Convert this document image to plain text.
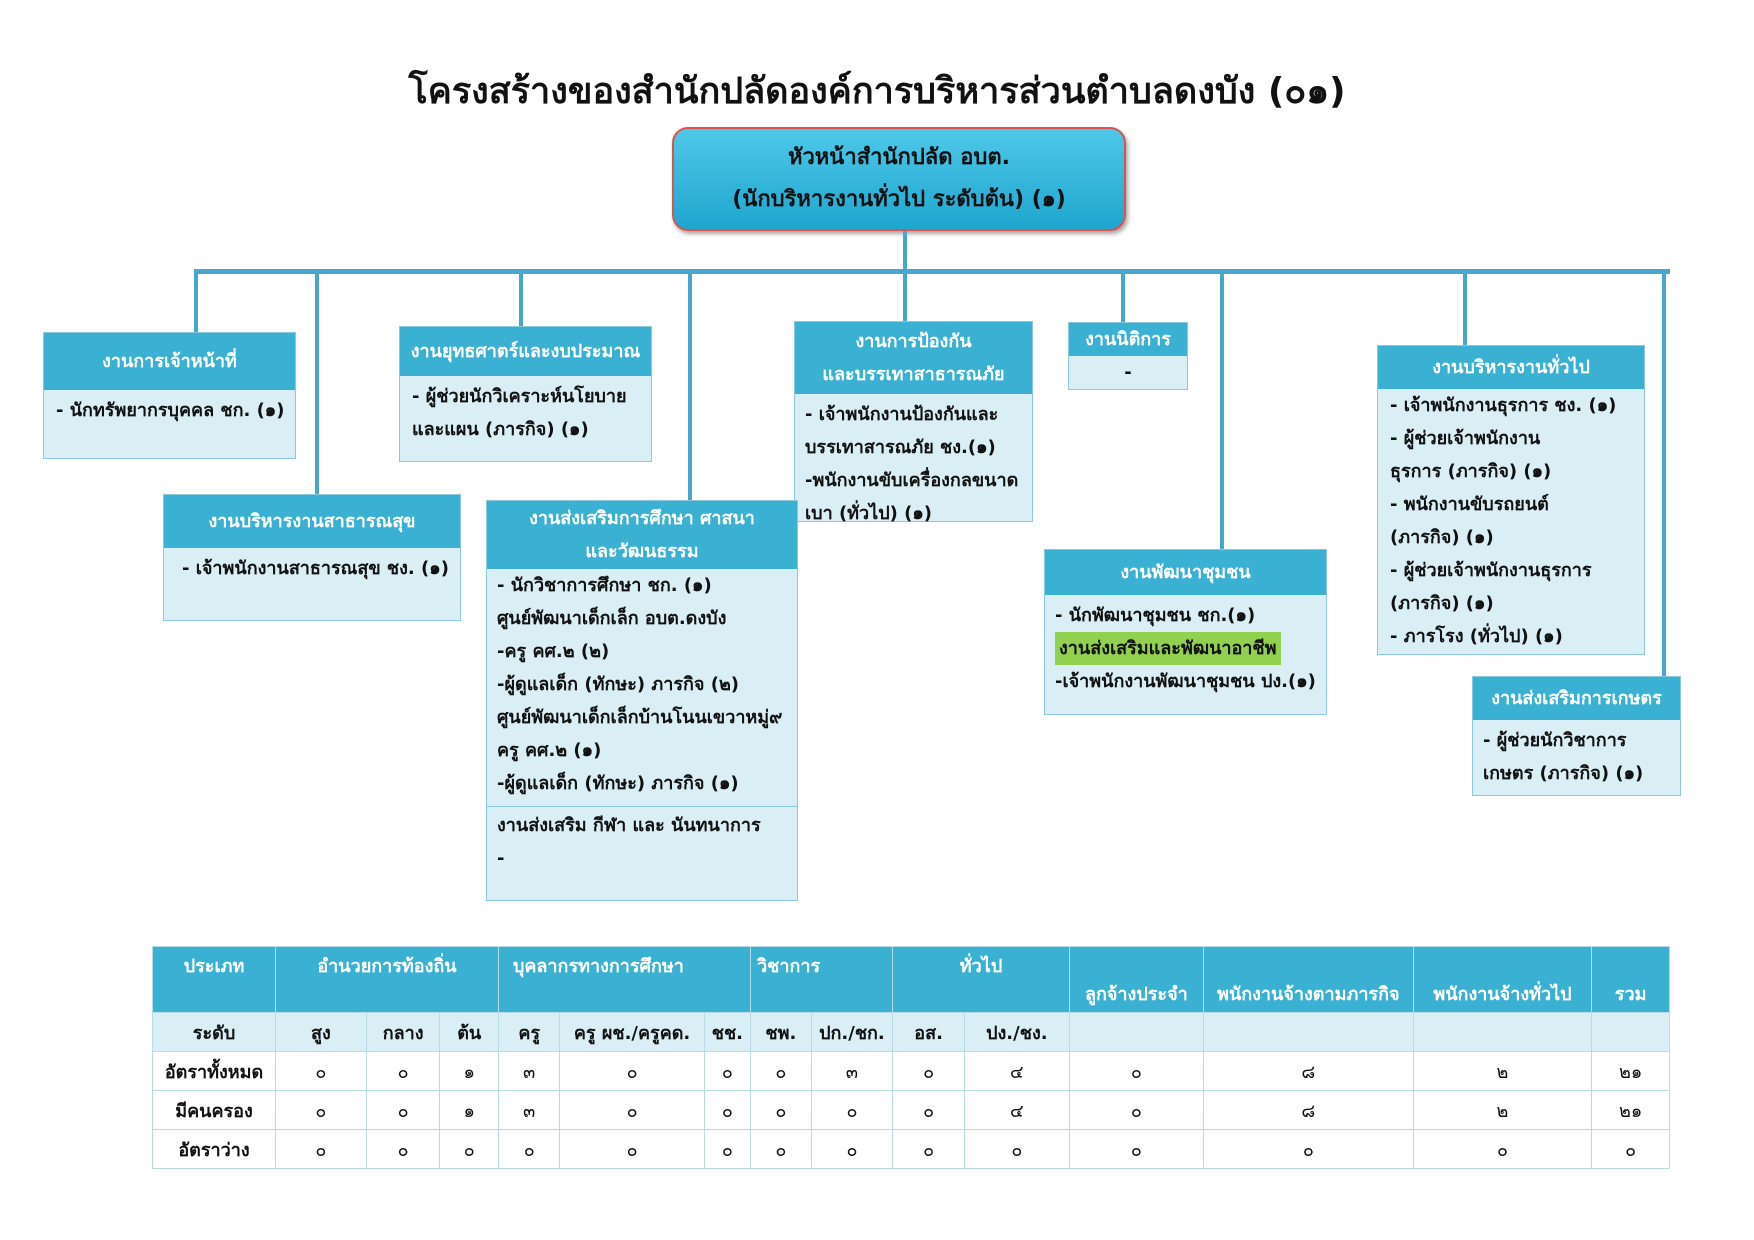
โครงสร้างของสำนักปลัดองค์การบริหารส่วนตำบลดงบัง (๐๑)
หัวหน้าสำนักปลัด อบต.
(นักบริหารงานทั่วไป ระดับต้น) (๑)
งานการเจ้าหน้าที่
- นักทรัพยากรบุคคล ชก. (๑)
งานยุทธศาตร์และงบประมาณ
- ผู้ช่วยนักวิเคราะห์นโยบาย
และแผน (ภารกิจ) (๑)
งานการป้องกัน
และบรรเทาสาธารณภัย
- เจ้าพนักงานป้องกันและ
บรรเทาสารณภัย ชง.(๑)
-พนักงานขับเครื่องกลขนาด
เบา (ทั่วไป) (๑)
งานนิติการ
-	งานบริหารงานทั่วไป
- เจ้าพนักงานธุรการ ชง. (๑)
- ผู้ช่วยเจ้าพนักงาน
ธุรการ (ภารกิจ) (๑)
- พนักงานขับรถยนต์
(ภารกิจ) (๑)
- ผู้ช่วยเจ้าพนักงานธุรการ
(ภารกิจ) (๑)
- ภารโรง (ทั่วไป) (๑)
งานบริหารงานสาธารณสุข
- เจ้าพนักงานสาธารณสุข ชง. (๑)
งานส่งเสริมการศึกษา ศาสนา
และวัฒนธรรม
- นักวิชาการศึกษา ชก. (๑)
ศูนย์พัฒนาเด็กเล็ก อบต.ดงบัง
-ครู คศ.๒ (๒)
-ผู้ดูแลเด็ก (ทักษะ) ภารกิจ (๒)
ศูนย์พัฒนาเด็กเล็กบ้านโนนเขวาหมู่๙
ครู คศ.๒ (๑)
-ผู้ดูแลเด็ก (ทักษะ) ภารกิจ (๑)
งานส่งเสริม กีฬา และ นันทนาการ
-
งานพัฒนาชุมชน
- นักพัฒนาชุมชน ชก.(๑)
งานส่งเสริมและพัฒนาอาชีพ
-เจ้าพนักงานพัฒนาชุมชน ปง.(๑)
งานส่งเสริมการเกษตร
- ผู้ช่วยนักวิชาการ
เกษตร (ภารกิจ) (๑)
ประเภท	อำนวยการท้องถิ่น			บุคลากรทางการศึกษา			วิชาการ		ทั่วไป		ลูกจ้างประจำ	พนักงานจ้างตามภารกิจ	พนักงานจ้างทั่วไป	รวม
ระดับ	สูง	กลาง	ต้น	ครู	ครู ผช./ครูคด.	ชช.	ชพ.	ปก./ชก.	อส.	ปง./ชง.				
อัตราทั้งหมด	๐	๐	๑	๓	๐	๐	๐	๓	๐	๔	๐	๘	๒	๒๑
มีคนครอง	๐	๐	๑	๓	๐	๐	๐	๐	๐	๔	๐	๘	๒	๒๑
อัตราว่าง	๐	๐	๐	๐	๐	๐	๐	๐	๐	๐	๐	๐	๐	๐
